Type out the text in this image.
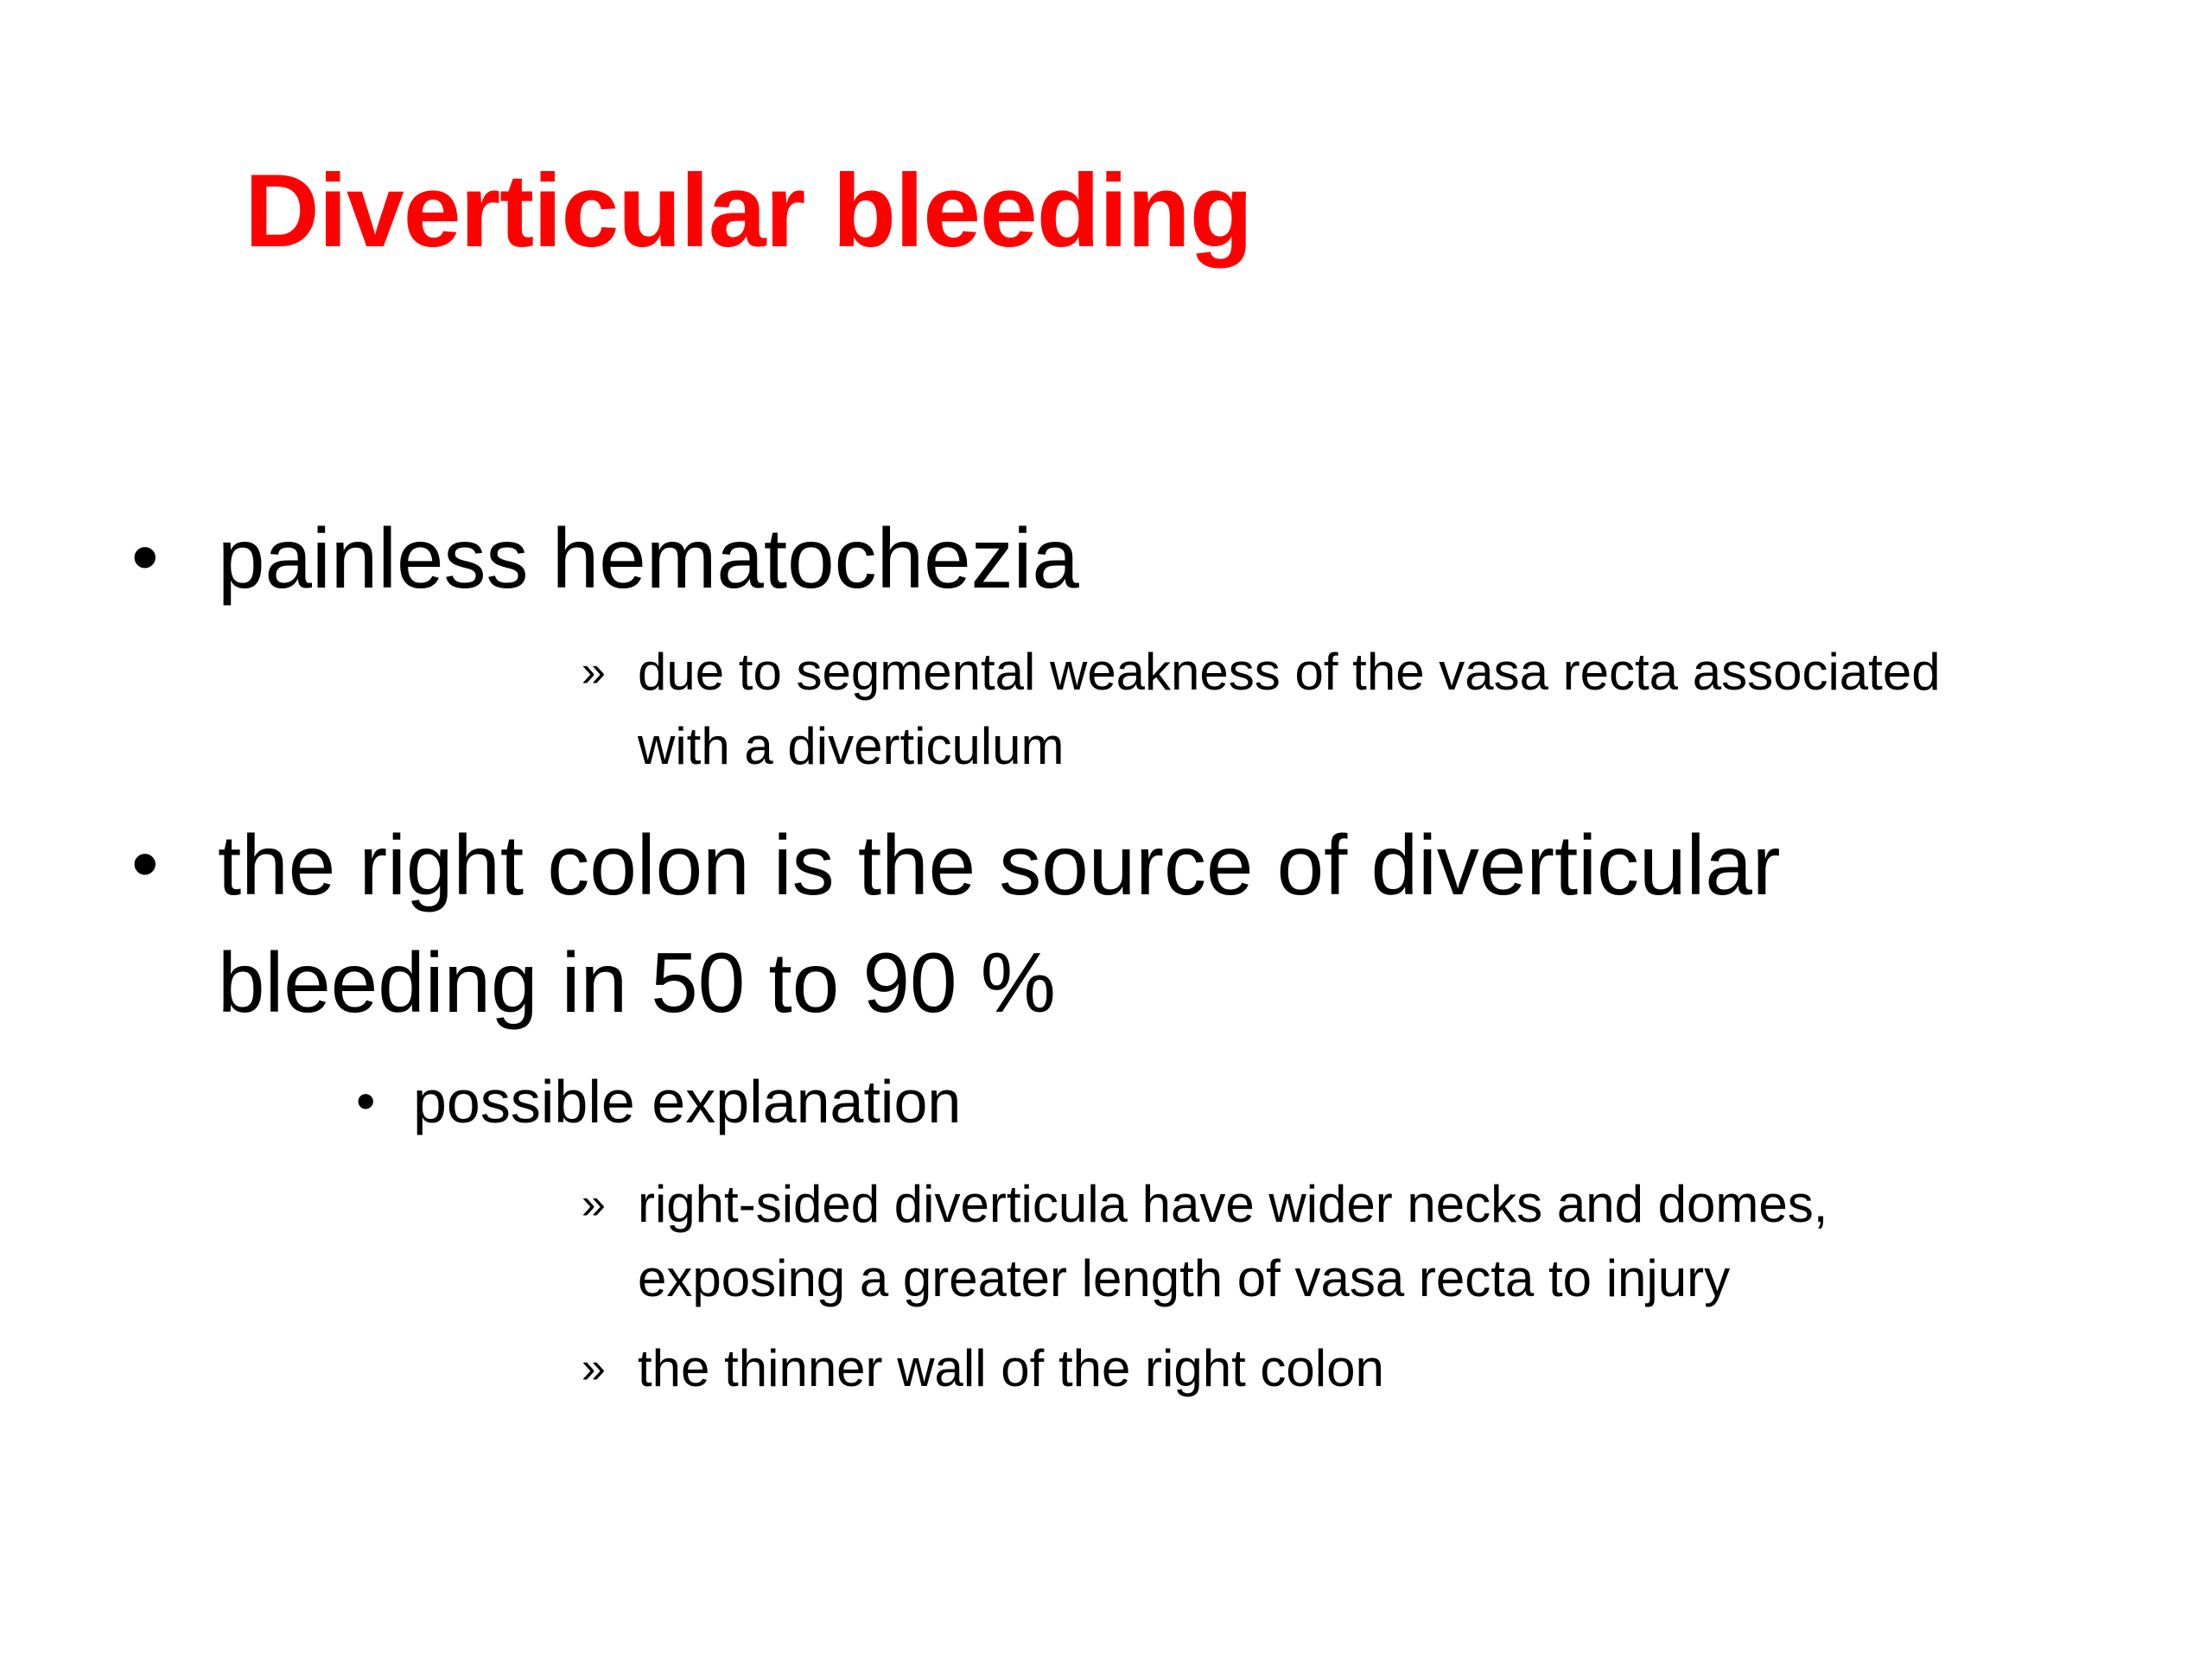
Diverticular bleeding
• painless hematochezia
» due to segmental weakness of the vasa recta associated
with a diverticulum
• the right colon is the source of diverticular
bleeding in 50 to 90 %
• possible explanation
» right-sided diverticula have wider necks and domes,
exposing a greater length of vasa recta to injury
» the thinner wall of the right colon
